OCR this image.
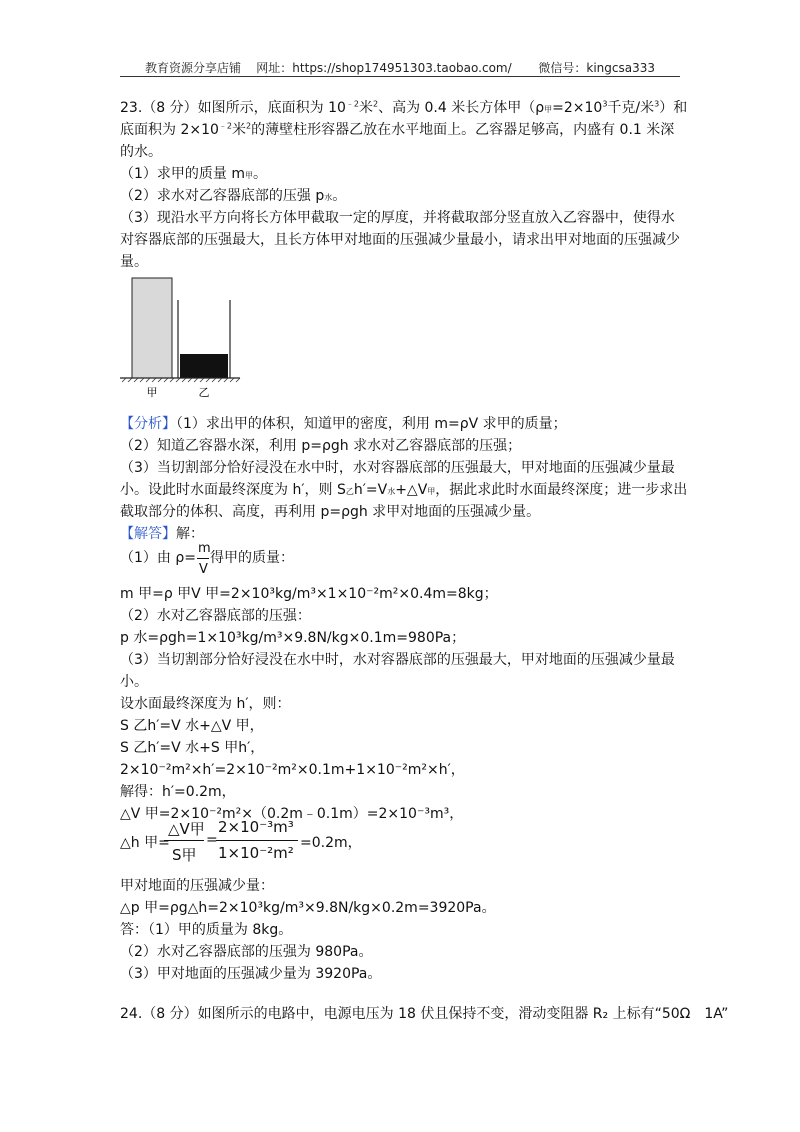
教育资源分享店铺 网址：https://shop174951303.taobao.com/ 微信号：kingcsa333
23.（8 分）如图所示，底面积为 $10^{﹣2}$米$^2$、高为 0.4 米长方体甲（ρ甲$=2\times 10^3$千克/米$^3$）和
底面积为 $2\times 10^{﹣2}$米$^2$的薄壁柱形容器乙放在水平地面上。乙容器足够高，内盛有 0.1 米深
的水。
（1）求甲的质量 m甲。
（2）求水对乙容器底部的压强 p水。
（3）现沿水平方向将长方体甲截取一定的厚度，并将截取部分竖直放入乙容器中，使得水
对容器底部的压强最大，且长方体甲对地面的压强减少量最小，请求出甲对地面的压强减少
量。
甲	乙
【分析】（1）求出甲的体积，知道甲的密度，利用 m=ρV 求甲的质量；
（2）知道乙容器水深，利用 p=ρgh 求水对乙容器底部的压强；
（3）当切割部分恰好浸没在水中时，水对容器底部的压强最大，甲对地面的压强减少量最
小。设此时水面最终深度为 h′，则 S乙h′=V水+△V甲，据此求此时水面最终深度；进一步求出
截取部分的体积、高度，再利用 p=ρgh 求甲对地面的压强减少量。
【解答】解：
（1）由 $\rho= \frac{m}{V}$ 得甲的质量：
m 甲=ρ 甲V 甲=2×10³kg/m³×1×10⁻²m²×0.4m=8kg；
（2）水对乙容器底部的压强：
p 水=ρgh=1×10³kg/m³×9.8N/kg×0.1m=980Pa；
（3）当切割部分恰好浸没在水中时，水对容器底部的压强最大，甲对地面的压强减少量最
小。
设水面最终深度为 h′，则：
S 乙h′=V 水+△V 甲，
S 乙h′=V 水+S 甲h′，
2×10⁻²m²×h′=2×10⁻²m²×0.1m+1×10⁻²m²×h′，
解得：h′=0.2m，
△V 甲=2×10⁻²m²×（0.2m﹣0.1m）=2×10⁻³m³，
△h 甲=
△V甲
S甲
=
2×10⁻³m³
1×10⁻²m²
=0.2m，
甲对地面的压强减少量：
△p 甲=ρg△h=2×10³kg/m³×9.8N/kg×0.2m=3920Pa。
答：（1）甲的质量为 8kg。
（2）水对乙容器底部的压强为 980Pa。
（3）甲对地面的压强减少量为 3920Pa。
24.（8 分）如图所示的电路中，电源电压为 18 伏且保持不变，滑动变阻器 R₂ 上标有“50Ω　1A”
